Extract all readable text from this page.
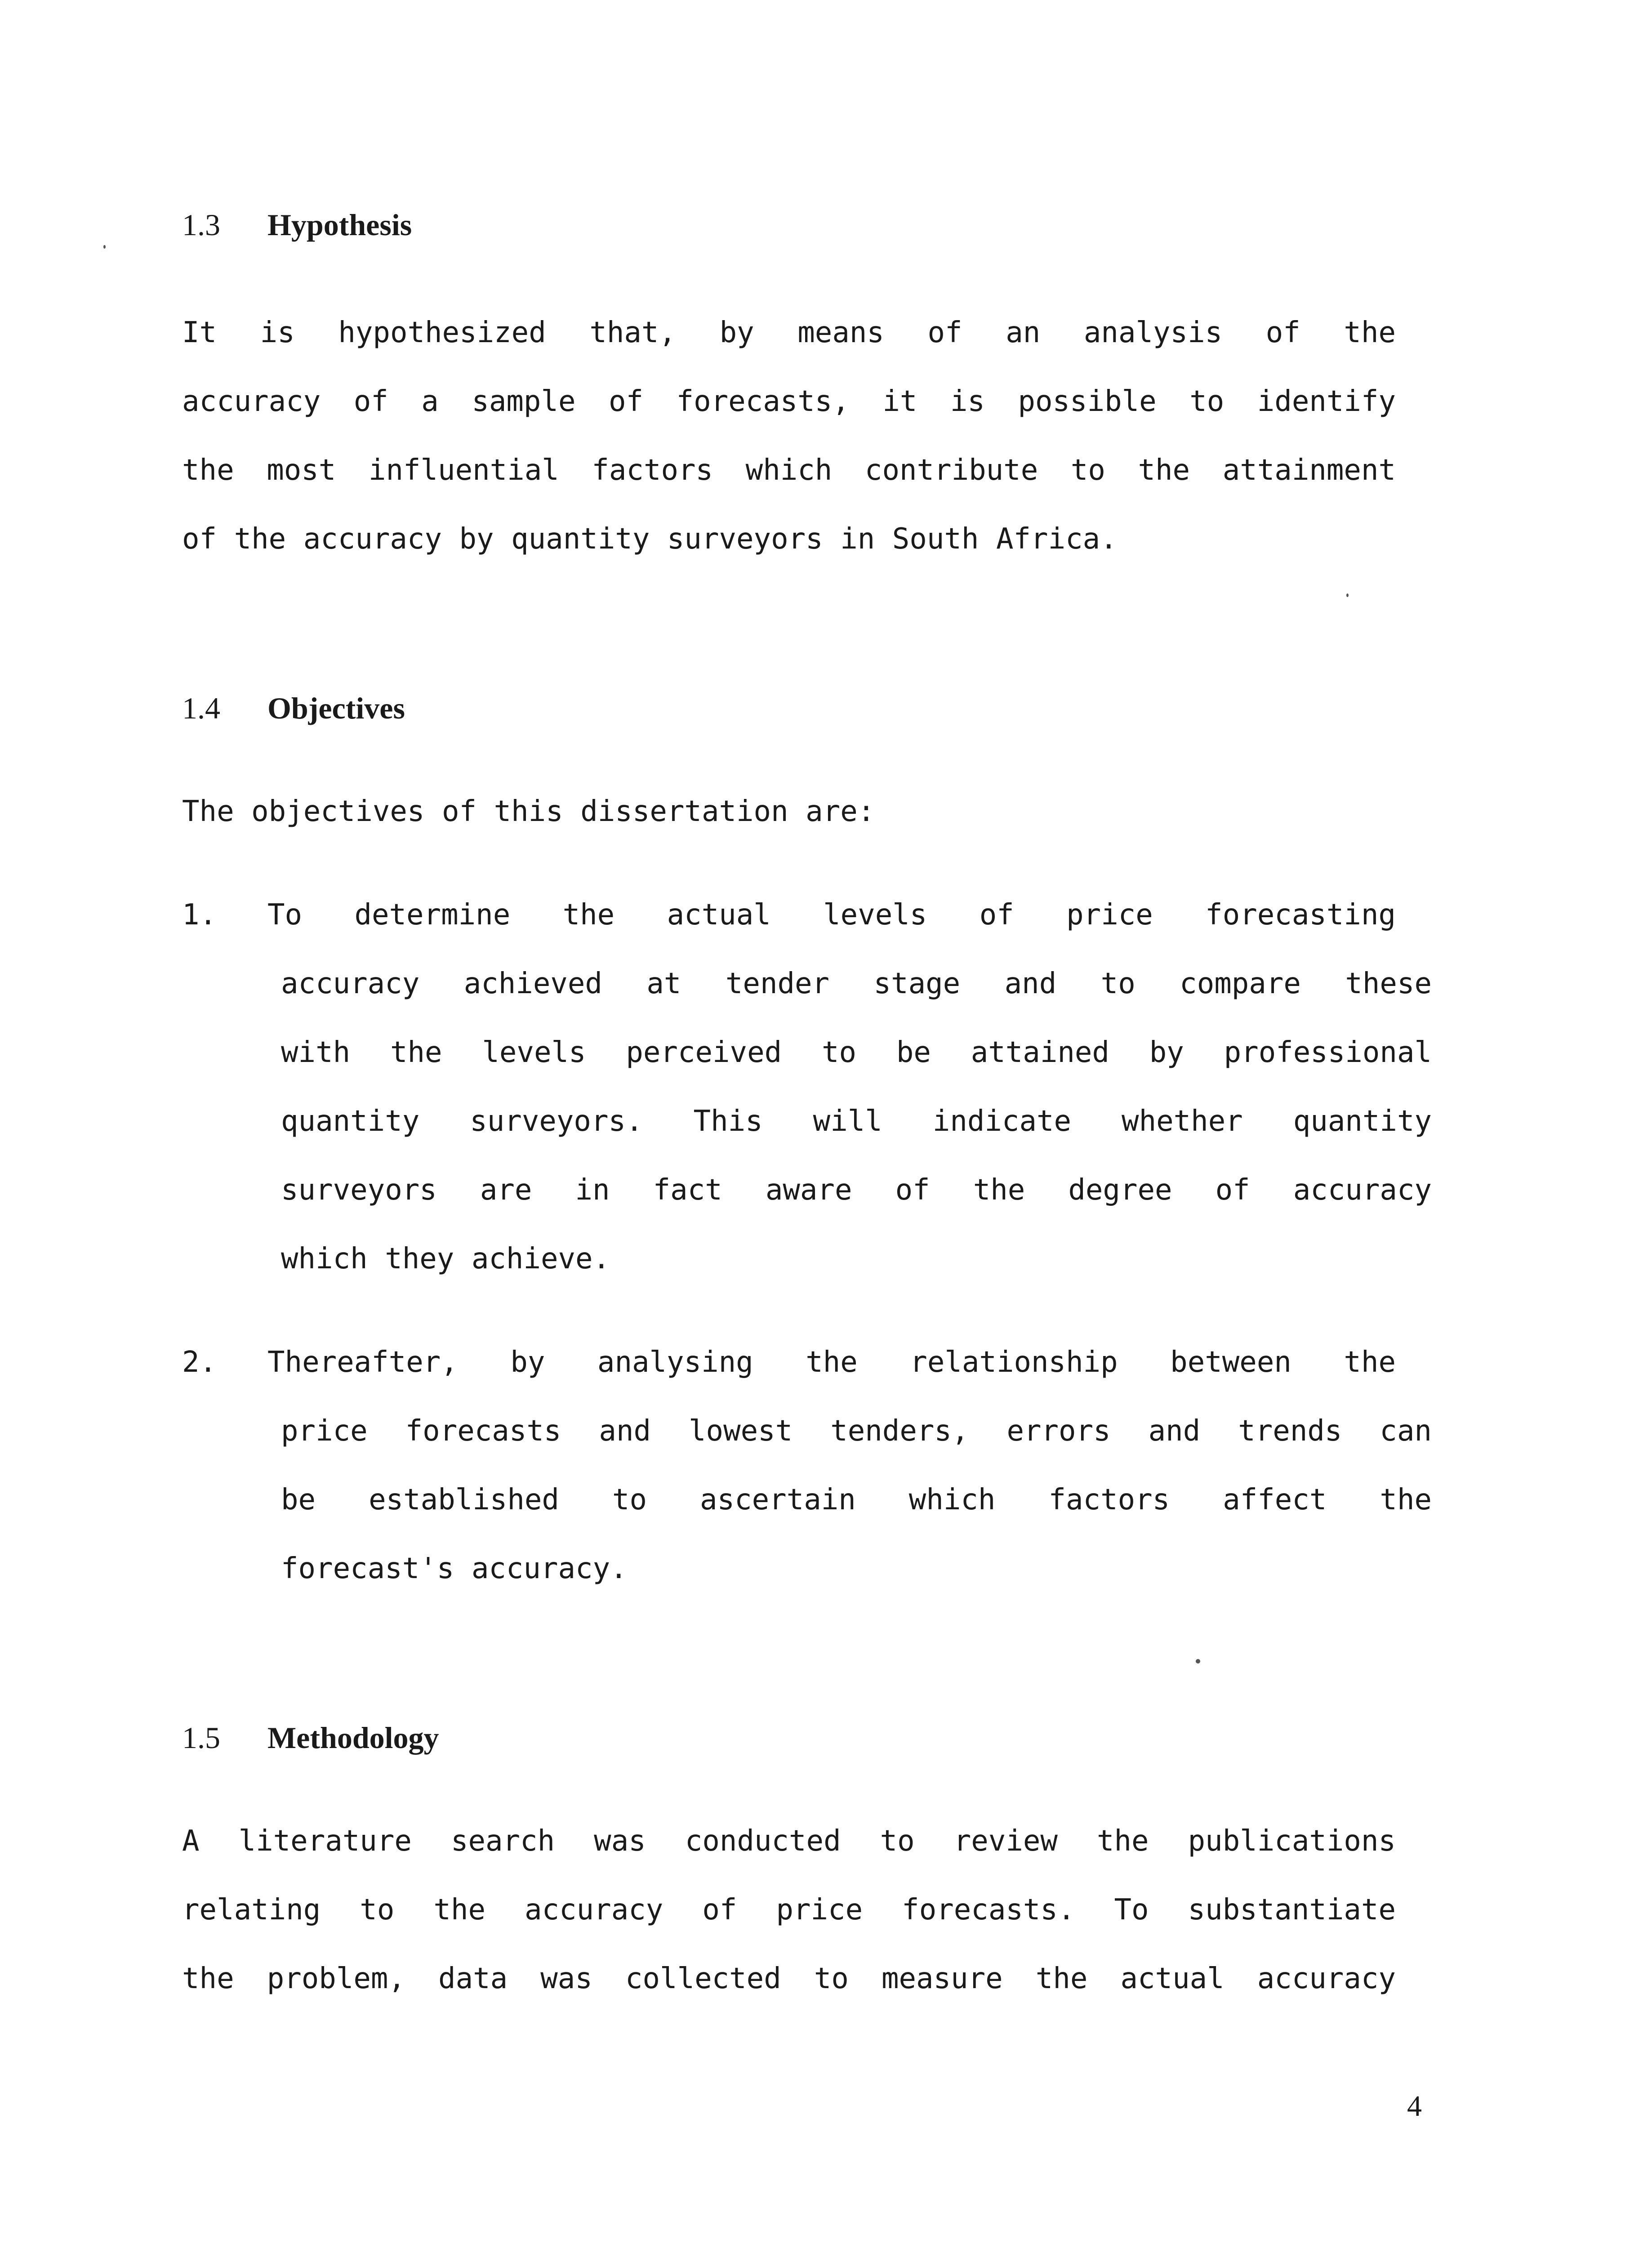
1.3 Hypothesis
It is hypothesized that, by means of an analysis of the
accuracy of a sample of forecasts, it is possible to identify
the most influential factors which contribute to the attainment
of the accuracy by quantity surveyors in South Africa.
1.4 Objectives
The objectives of this dissertation are:
1. To determine the actual levels of price forecasting
accuracy achieved at tender stage and to compare these
with the levels perceived to be attained by professional
quantity surveyors. This will indicate whether quantity
surveyors are in fact aware of the degree of accuracy
which they achieve.
2. Thereafter, by analysing the relationship between the
price forecasts and lowest tenders, errors and trends can
be established to ascertain which factors affect the
forecast's accuracy.
1.5 Methodology
A literature search was conducted to review the publications
relating to the accuracy of price forecasts. To substantiate
the problem, data was collected to measure the actual accuracy
4
